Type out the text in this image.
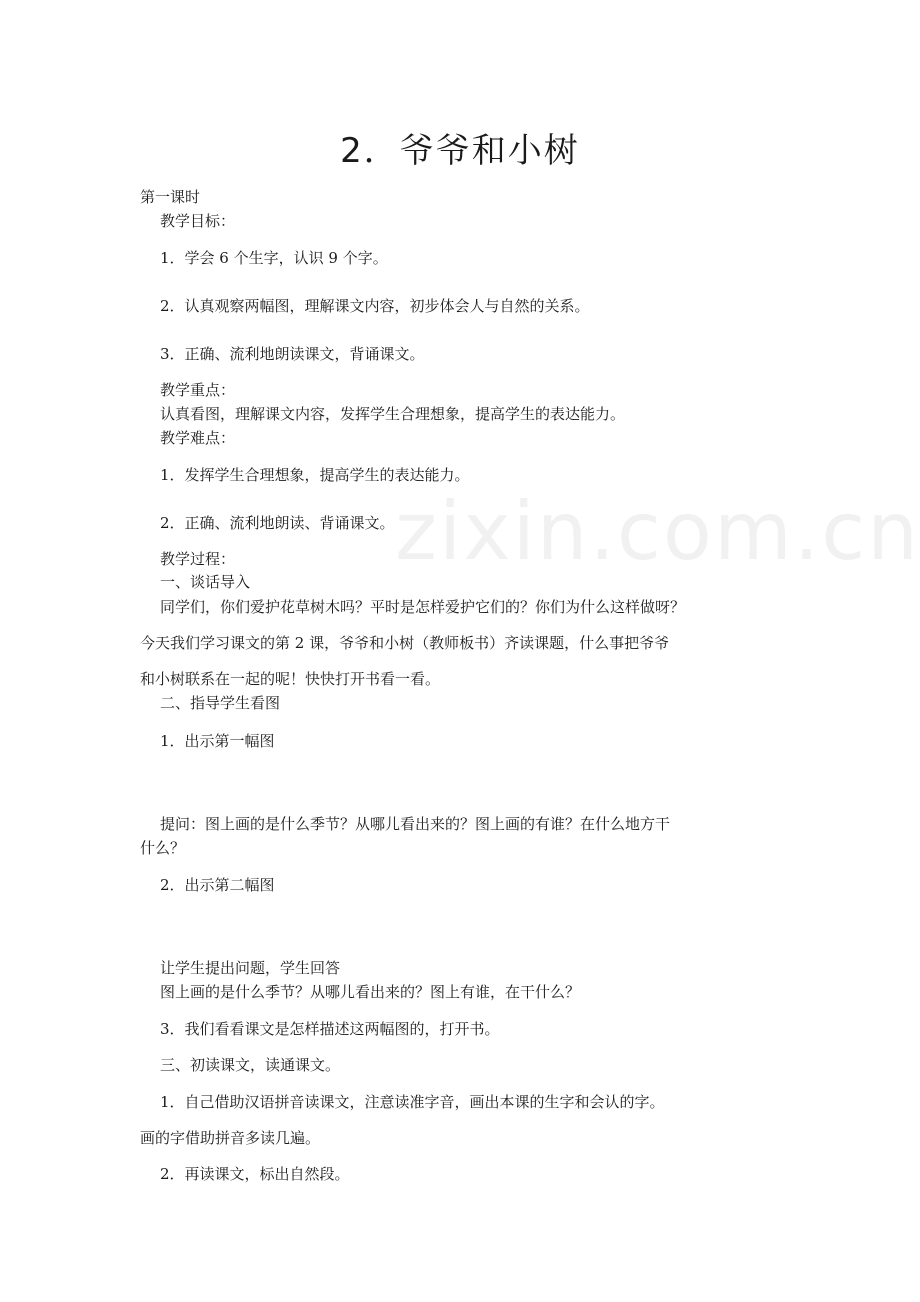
zixin.com.cn
2．爷爷和小树
第一课时
教学目标：
1．学会 6 个生字，认识 9 个字。
2．认真观察两幅图，理解课文内容，初步体会人与自然的关系。
3．正确、流利地朗读课文，背诵课文。
教学重点：
认真看图，理解课文内容，发挥学生合理想象，提高学生的表达能力。
教学难点：
1．发挥学生合理想象，提高学生的表达能力。
2．正确、流利地朗读、背诵课文。
教学过程：
一、谈话导入
同学们，你们爱护花草树木吗？平时是怎样爱护它们的？你们为什么这样做呀？
今天我们学习课文的第 2 课，爷爷和小树（教师板书）齐读课题，什么事把爷爷
和小树联系在一起的呢！快快打开书看一看。
二、指导学生看图
1．出示第一幅图
提问：图上画的是什么季节？从哪儿看出来的？图上画的有谁？在什么地方干
什么？
2．出示第二幅图
让学生提出问题，学生回答
图上画的是什么季节？从哪儿看出来的？图上有谁，在干什么？
3．我们看看课文是怎样描述这两幅图的，打开书。
三、初读课文，读通课文。
1．自己借助汉语拼音读课文，注意读准字音，画出本课的生字和会认的字。
画的字借助拼音多读几遍。
2．再读课文，标出自然段。
